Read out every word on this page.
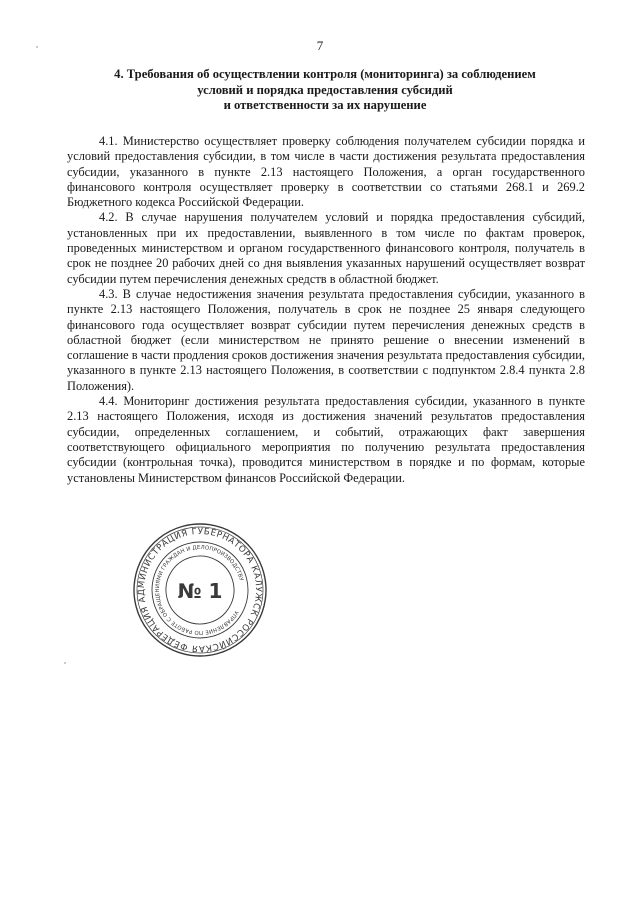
7
4. Требования об осуществлении контроля (мониторинга) за соблюдением
условий и порядка предоставления субсидий
и ответственности за их нарушение

4.1. Министерство осуществляет проверку соблюдения получателем субсидии порядка и условий предоставления субсидии, в том числе в части достижения результата предоставления субсидии, указанного в пункте 2.13 настоящего Положения, а орган государственного финансового контроля осуществляет проверку в соответствии со статьями 268.1 и 269.2 Бюджетного кодекса Российской Федерации.

4.2. В случае нарушения получателем условий и порядка предоставления субсидий, установленных при их предоставлении, выявленного в том числе по фактам проверок, проведенных министерством и органом государственного финансового контроля, получатель в срок не позднее 20 рабочих дней со дня выявления указанных нарушений осуществляет возврат субсидии путем перечисления денежных средств в областной бюджет.

4.3. В случае недостижения значения результата предоставления субсидии, указанного в пункте 2.13 настоящего Положения, получатель в срок не позднее 25 января следующего финансового года осуществляет возврат субсидии путем перечисления денежных средств в областной бюджет (если министерством не принято решение о внесении изменений в соглашение в части продления сроков достижения значения результата предоставления субсидии, указанного в пункте 2.13 настоящего Положения, в соответствии с подпунктом 2.8.4 пункта 2.8 Положения).

4.4. Мониторинг достижения результата предоставления субсидии, указанного в пункте 2.13 настоящего Положения, исходя из достижения значений результатов предоставления субсидии, определенных соглашением, и событий, отражающих факт завершения соответствующего официального мероприятия по получению результата предоставления субсидии (контрольная точка), проводится министерством в порядке и по формам, которые установлены Министерством финансов Российской Федерации.

РОССИЙСКАЯ ФЕДЕРАЦИЯ АДМИНИСТРАЦИЯ ГУБЕРНАТОРА КАЛУЖСКОЙ
УПРАВЛЕНИЕ ПО РАБОТЕ С ОБРАЩЕНИЯМИ ГРАЖДАН И ДЕЛОПРОИЗВОДСТВУ
№ 1
